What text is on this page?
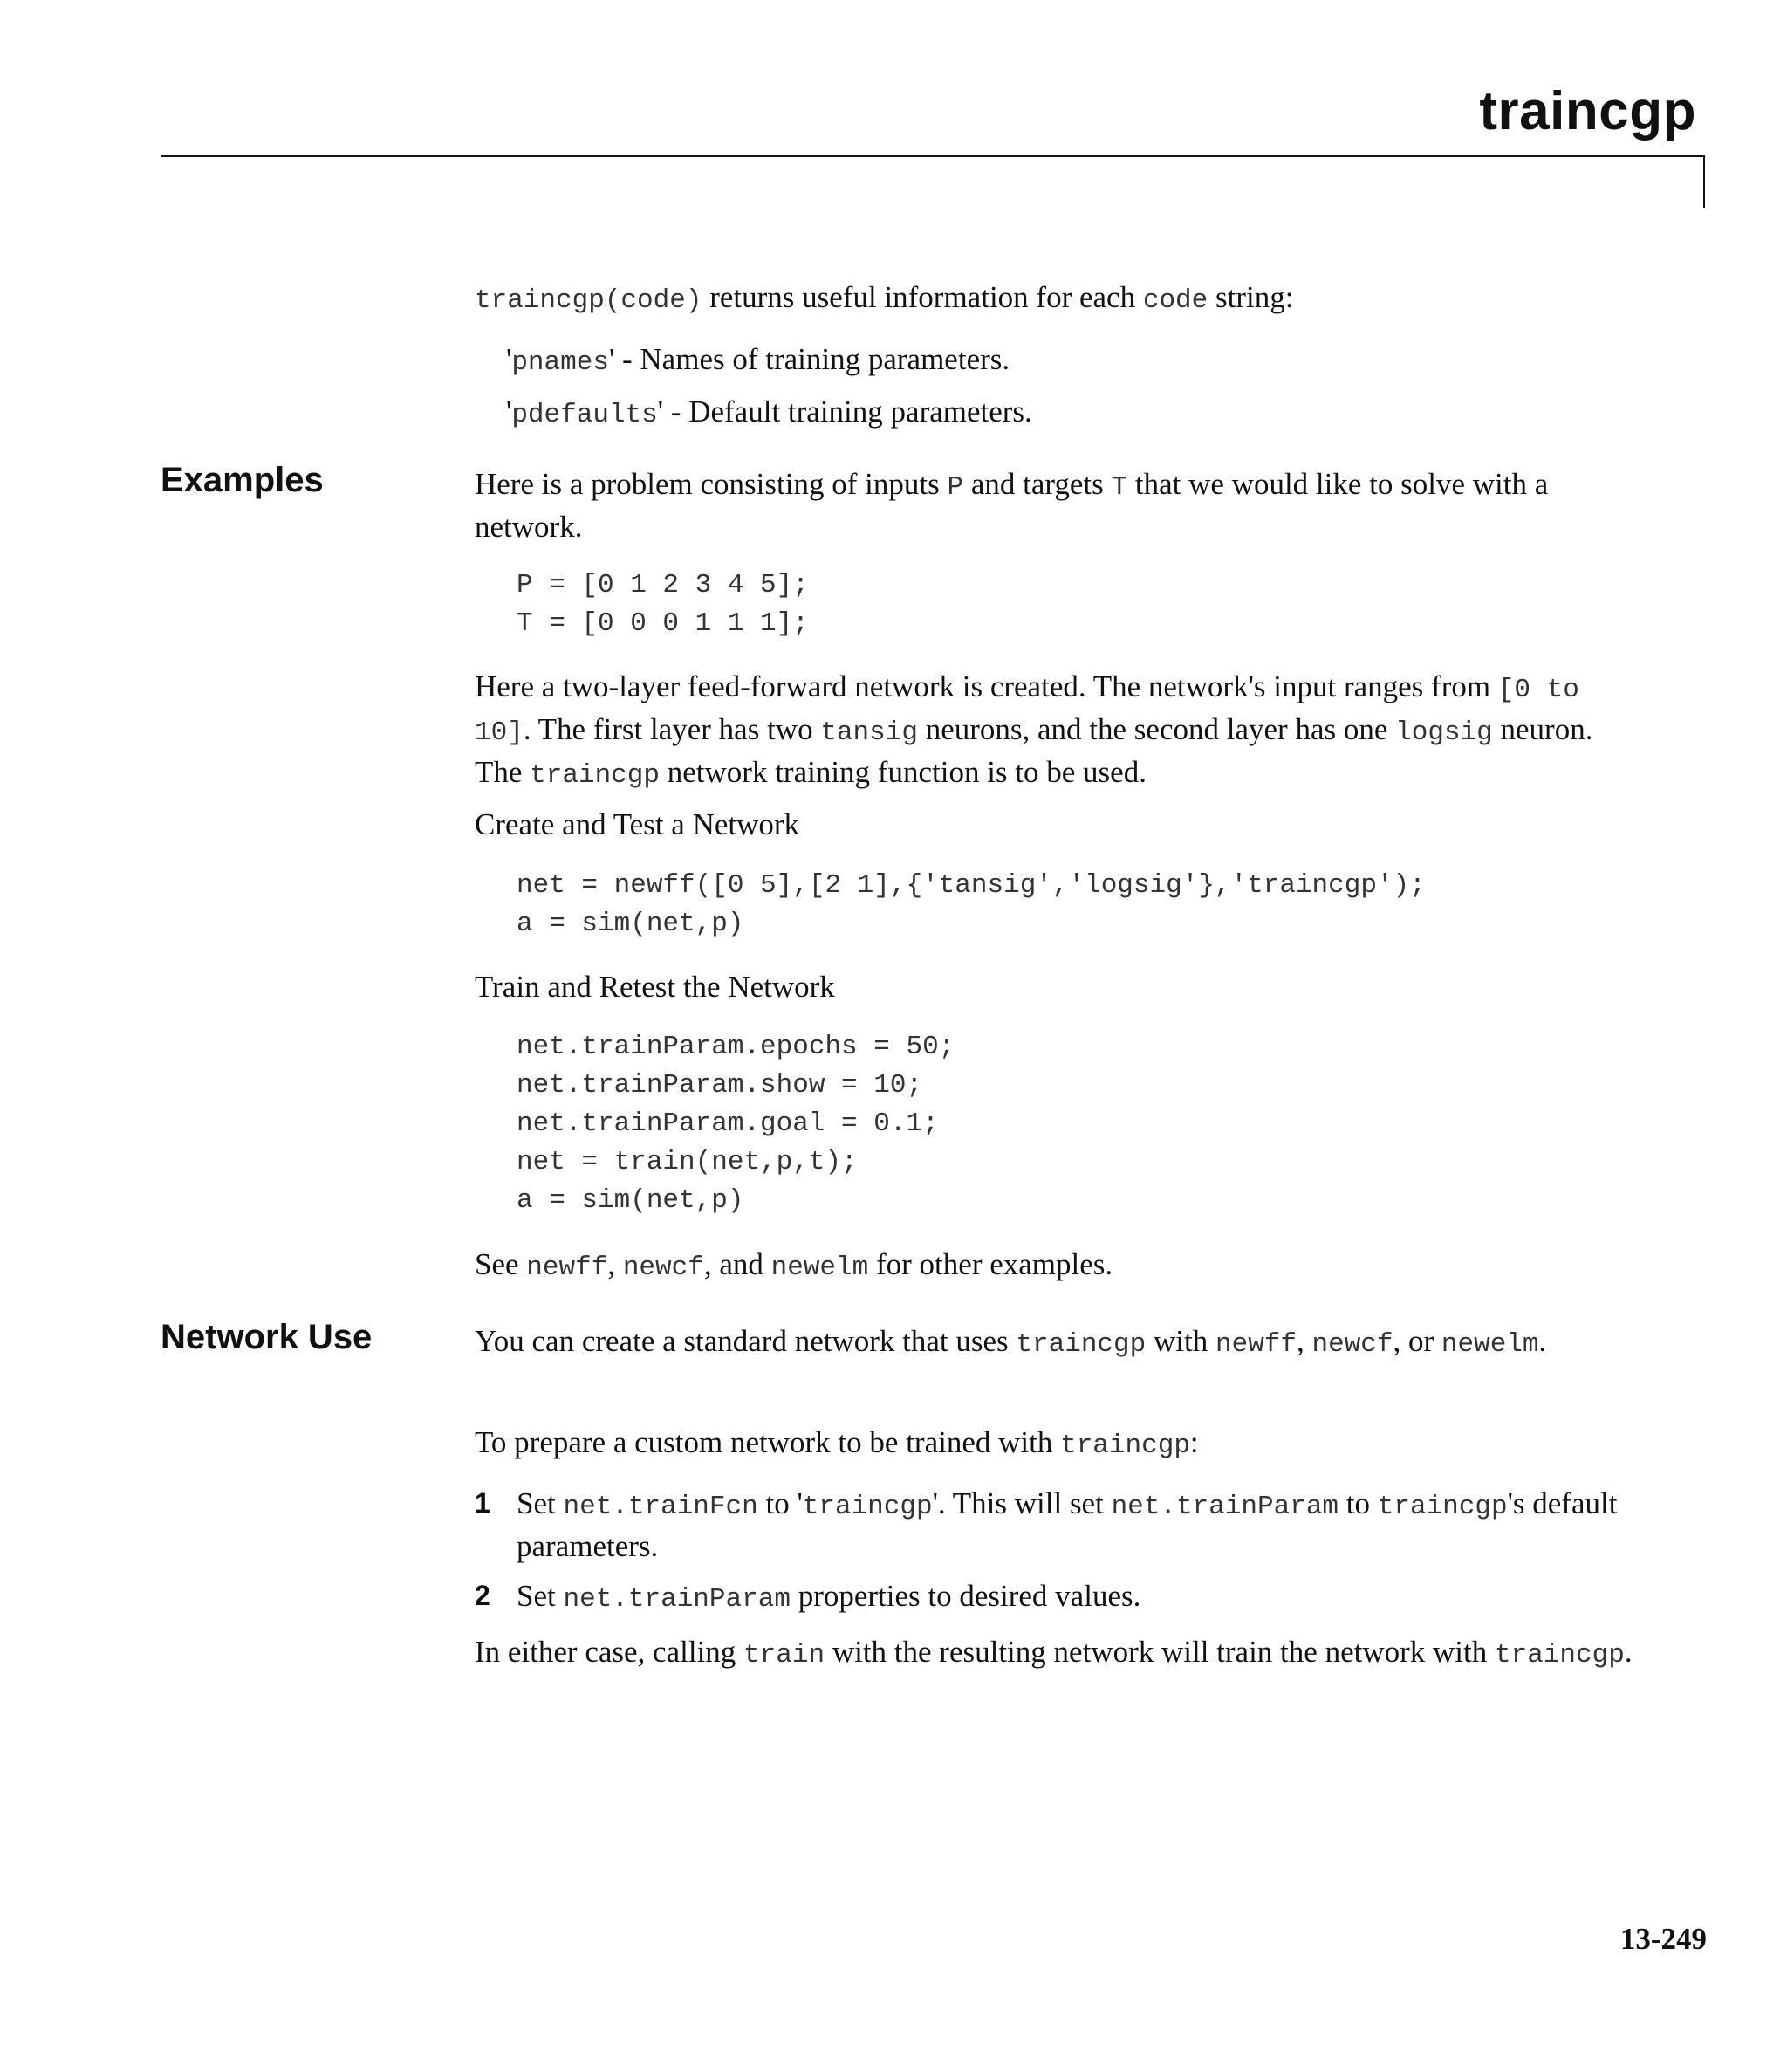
traincgp

traincgp(code) returns useful information for each code string:

'pnames' - Names of training parameters.
'pdefaults' - Default training parameters.
Examples	Here is a problem consisting of inputs P and targets T that we would like to solve with a network.

P = [0 1 2 3 4 5];
T = [0 0 0 1 1 1];

Here a two-layer feed-forward network is created. The network's input ranges from [0 to 10]. The first layer has two tansig neurons, and the second layer has one logsig neuron. The traincgp network training function is to be used.

Create and Test a Network

net = newff([0 5],[2 1],{'tansig','logsig'},'traincgp');
a = sim(net,p)

Train and Retest the Network

net.trainParam.epochs = 50;
net.trainParam.show = 10;
net.trainParam.goal = 0.1;
net = train(net,p,t);
a = sim(net,p)

See newff, newcf, and newelm for other examples.

Network Use	You can create a standard network that uses traincgp with newff, newcf, or newelm.

To prepare a custom network to be trained with traincgp:

1 Set net.trainFcn to 'traincgp'. This will set net.trainParam to traincgp's default parameters.
2 Set net.trainParam properties to desired values.

In either case, calling train with the resulting network will train the network with traincgp.

13-249
